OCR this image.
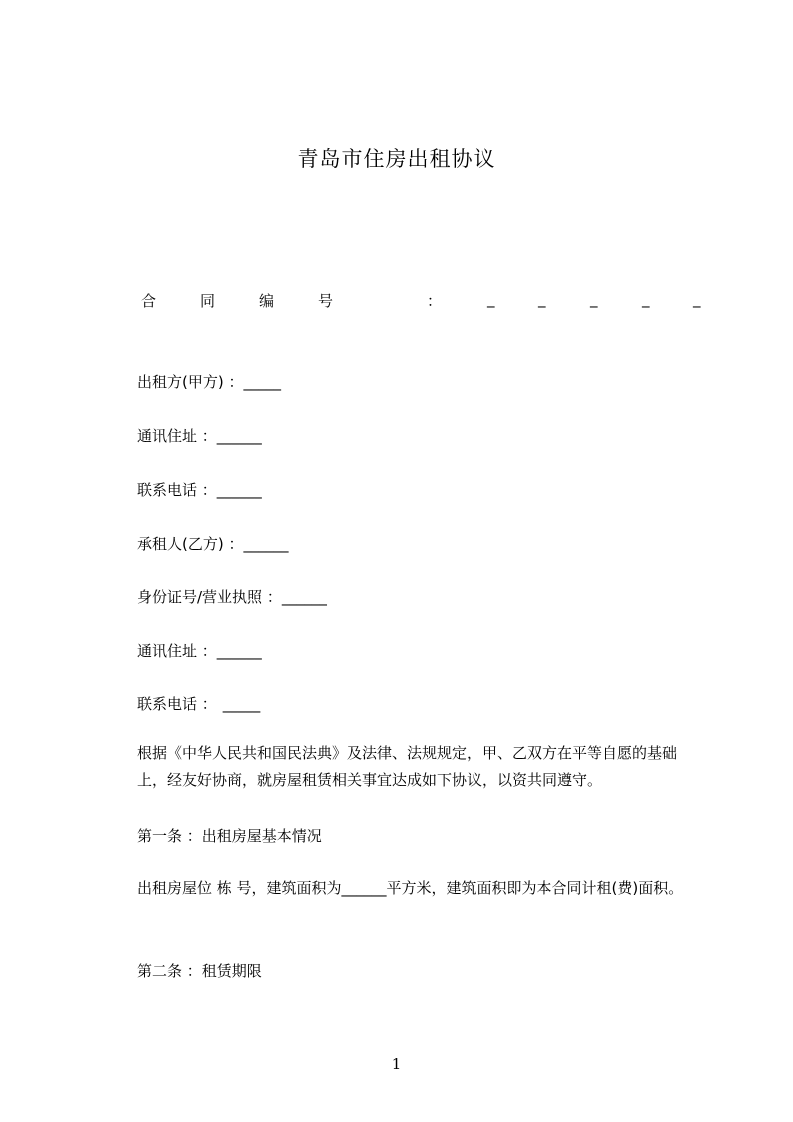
青岛市住房出租协议
合	同	编	号	：	_	_	_	_	_
出租方(甲方) ：_____
通讯住址 ：______
联系电话 ：______
承租人(乙方) ：______
身份证号/营业执照 ：______
通讯住址 ：______
联系电话 ： _____
根据《中华人民共和国民法典》及法律、法规规定，甲、乙双方在平等自愿的基础上，经友好协商，就房屋租赁相关事宜达成如下协议，以资共同遵守。
第一条 ：出租房屋基本情况
出租房屋位 栋 号，建筑面积为______平方米，建筑面积即为本合同计租(费)面积。
第二条 ：租赁期限
1
